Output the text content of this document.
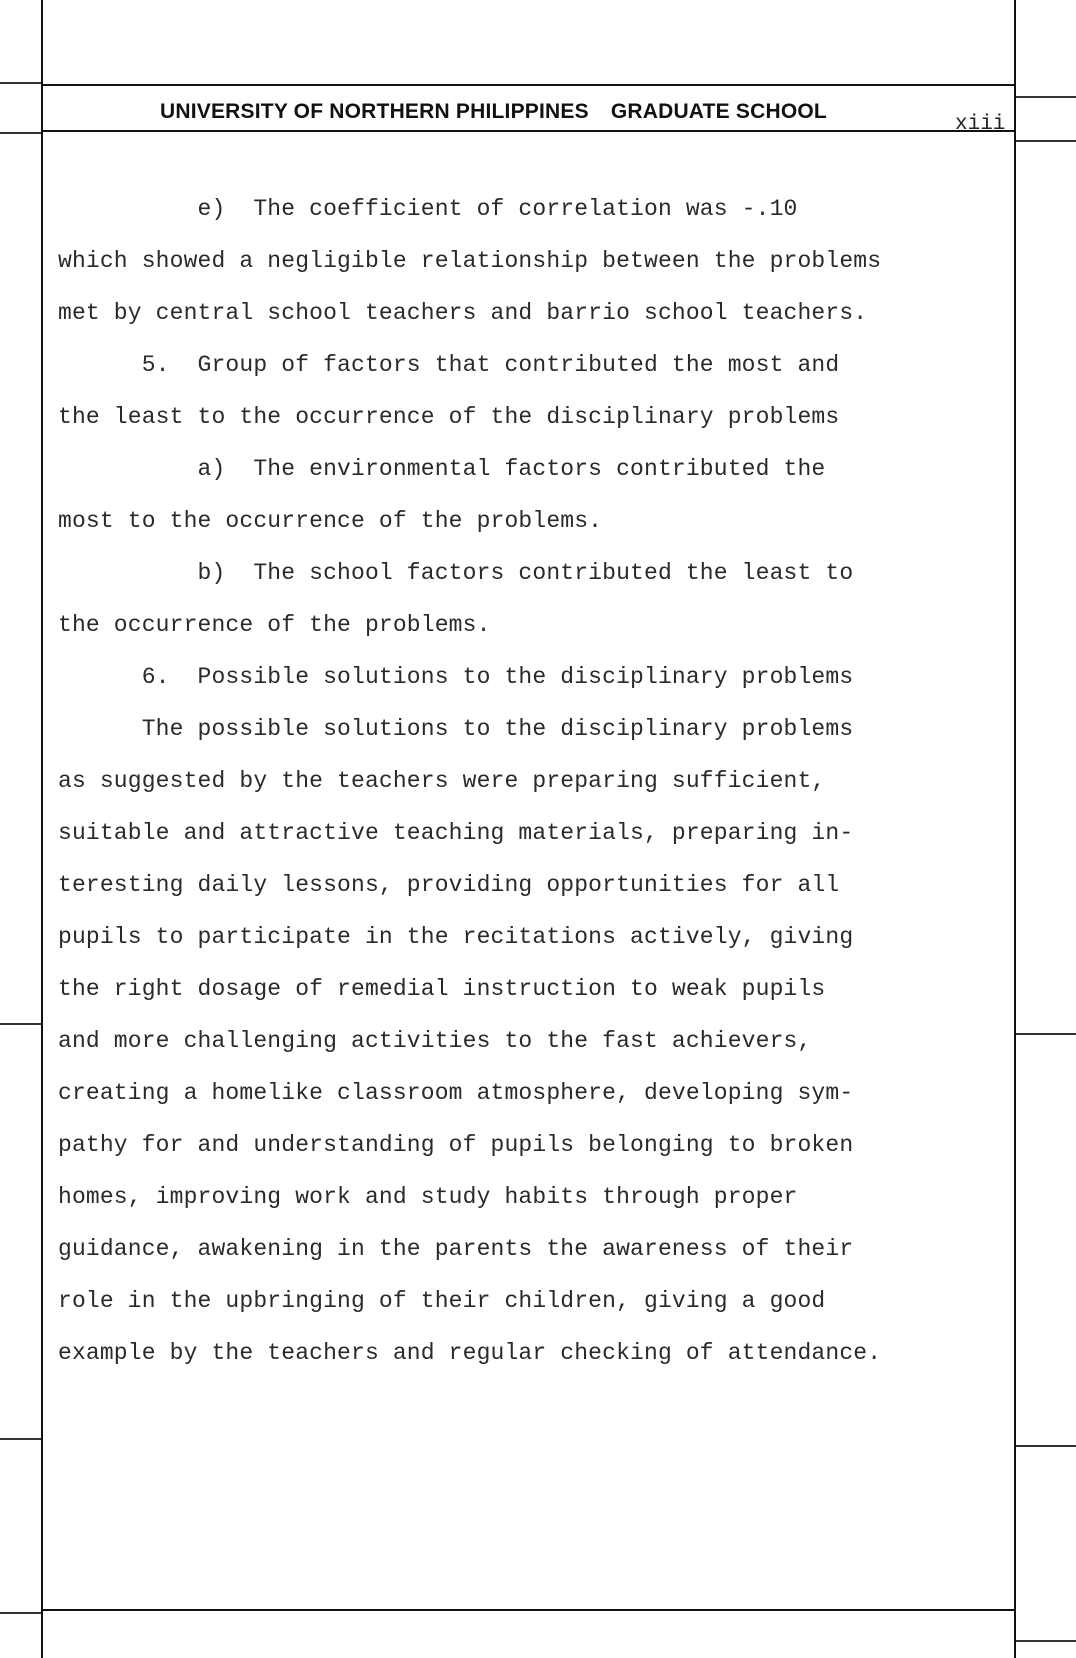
UNIVERSITY OF NORTHERN PHILIPPINES GRADUATE SCHOOL
xiii
e)  The coefficient of correlation was -.10
which showed a negligible relationship between the problems
met by central school teachers and barrio school teachers.
5.  Group of factors that contributed the most and
the least to the occurrence of the disciplinary problems
a)  The environmental factors contributed the
most to the occurrence of the problems.
b)  The school factors contributed the least to
the occurrence of the problems.
6.  Possible solutions to the disciplinary problems
The possible solutions to the disciplinary problems
as suggested by the teachers were preparing sufficient,
suitable and attractive teaching materials, preparing in-
teresting daily lessons, providing opportunities for all
pupils to participate in the recitations actively, giving
the right dosage of remedial instruction to weak pupils
and more challenging activities to the fast achievers,
creating a homelike classroom atmosphere, developing sym-
pathy for and understanding of pupils belonging to broken
homes, improving work and study habits through proper
guidance, awakening in the parents the awareness of their
role in the upbringing of their children, giving a good
example by the teachers and regular checking of attendance.
